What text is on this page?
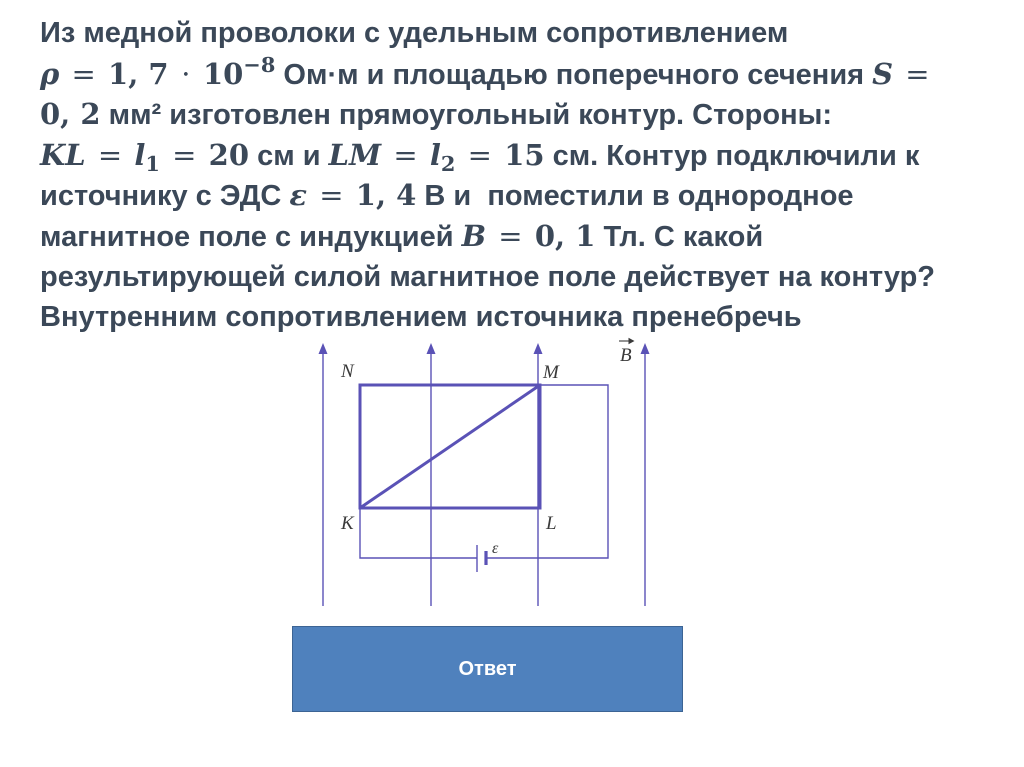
Из медной проволоки с удельным сопротивлением
ρ = 1, $7 \cdot 10^{-8}$ Ом·м и площадью поперечного сечения S =
0, 2 мм² изготовлен прямоугольный контур. Стороны:
KL = $l_1 = 20$ см и LM = $l_2 = 15$ см. Контур подключили к
источнику с ЭДС ε = 1, 4 В и  поместили в однородное
магнитное поле с индукцией B = 0, 1 Тл. С какой
результирующей силой магнитное поле действует на контур?
Внутренним сопротивлением источника пренебречь
N	M
K	L
B
ε
Ответ
